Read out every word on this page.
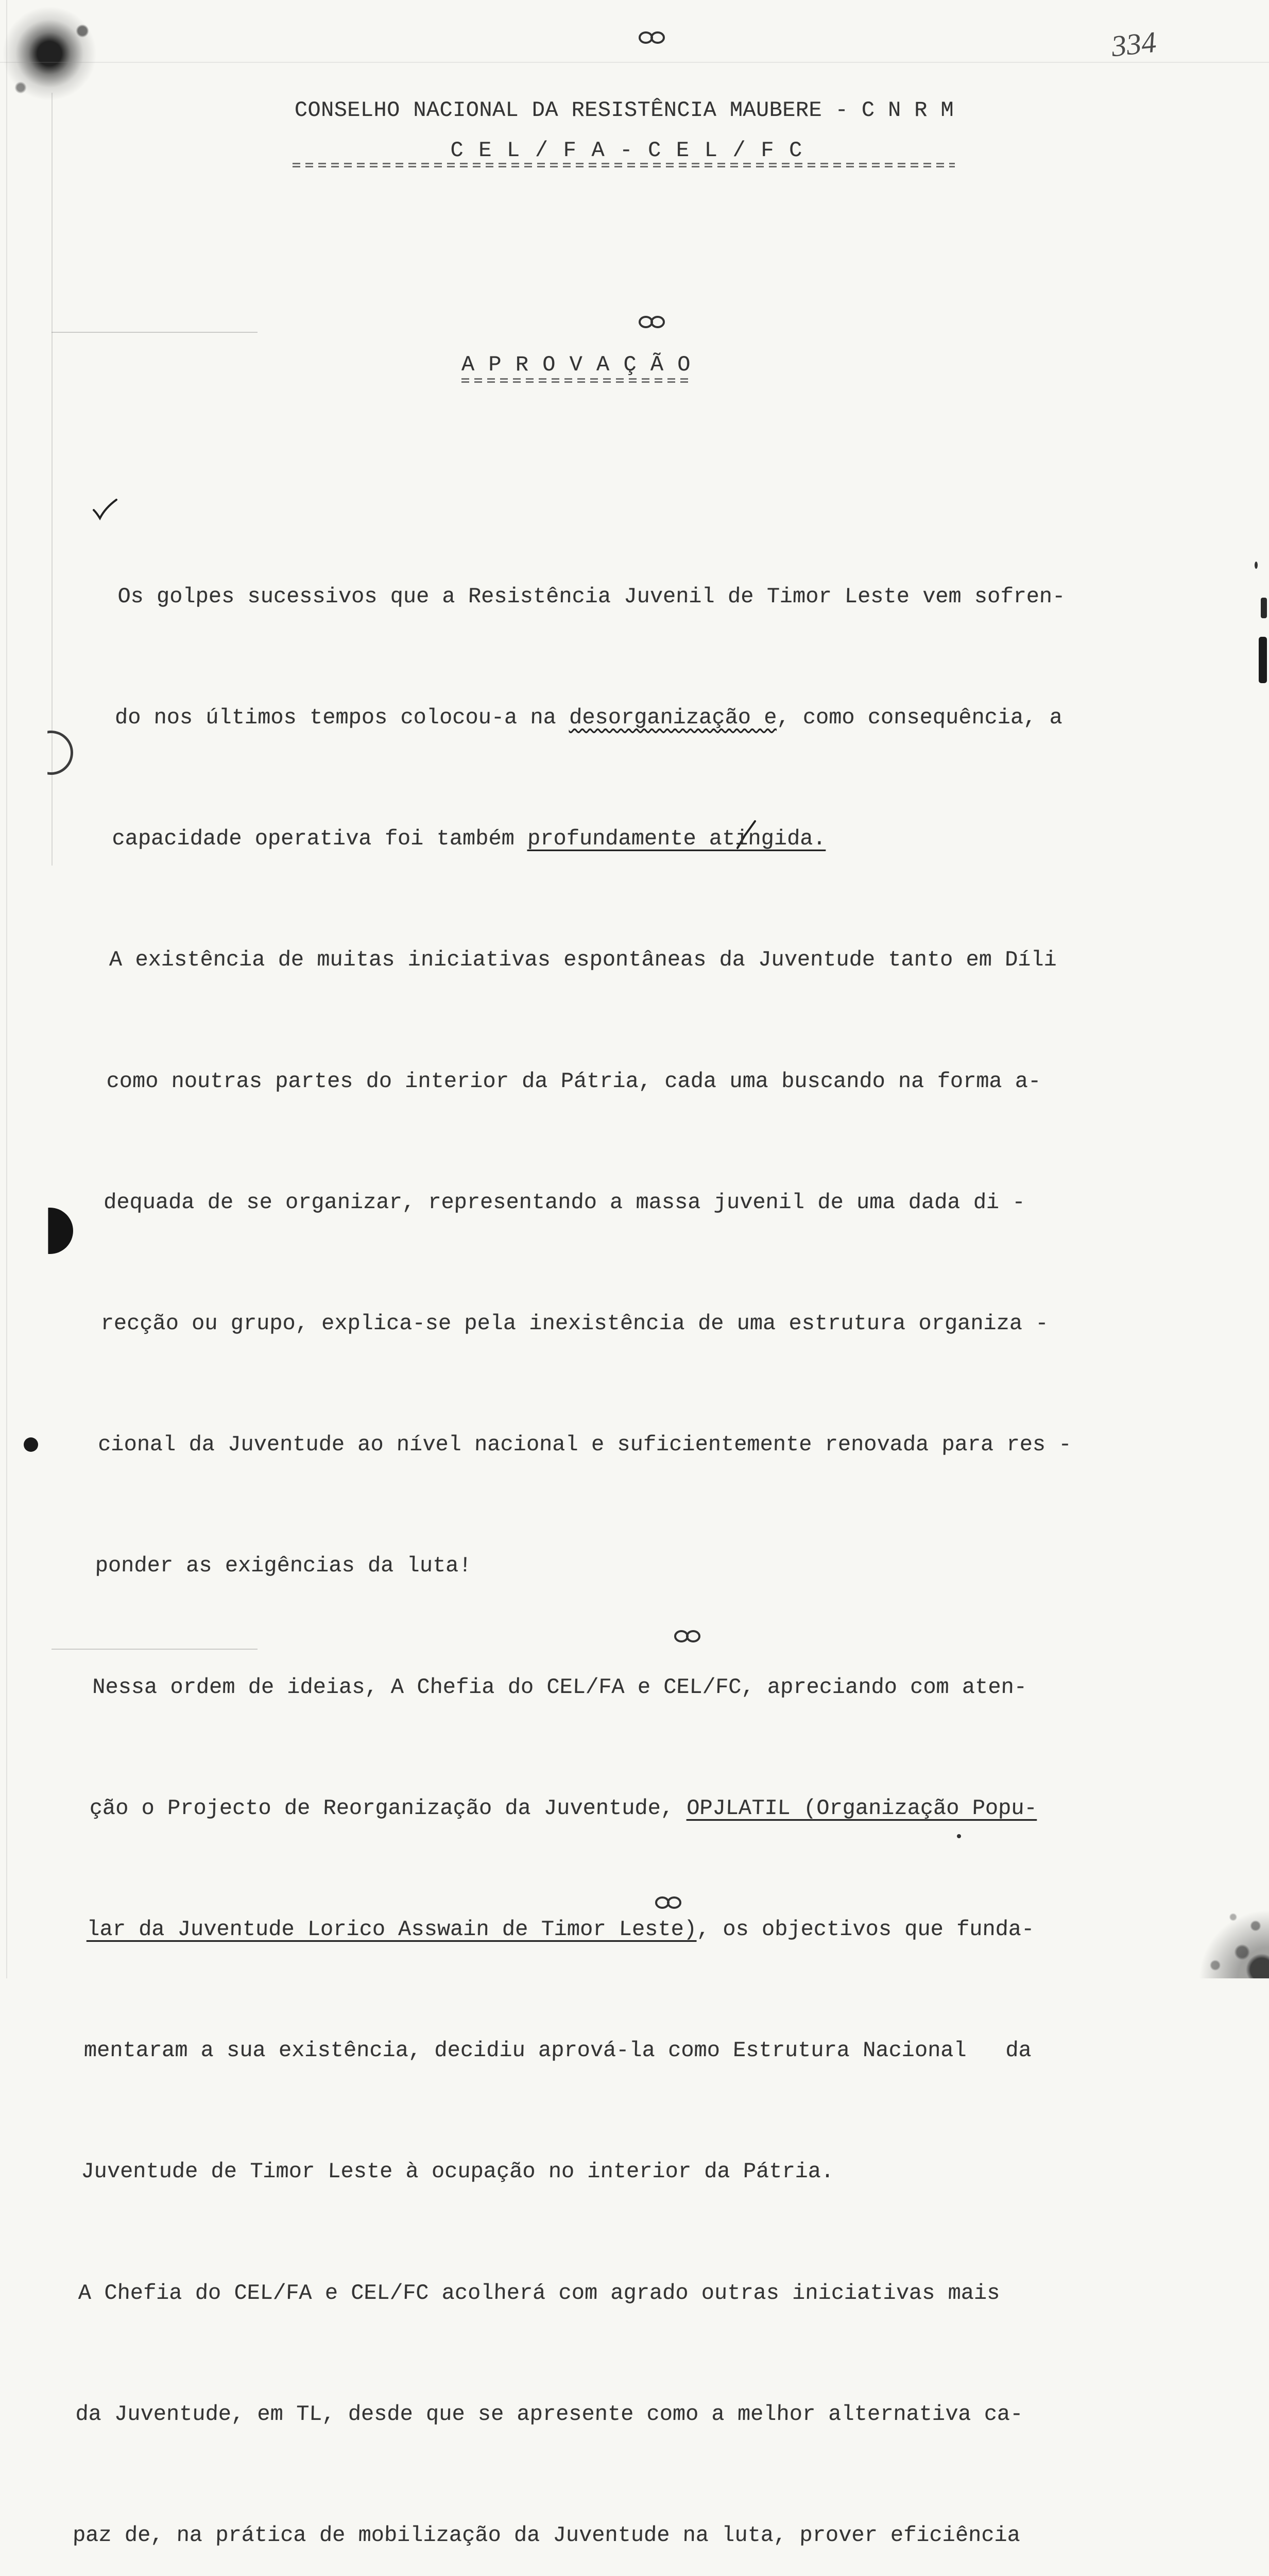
334
CONSELHO NACIONAL DA RESISTÊNCIA MAUBERE - C N R M
C E L / F A - C E L / F C
A P R O V A Ç Ã O

Os golpes sucessivos que a Resistência Juvenil de Timor Leste vem sofren-

do nos últimos tempos colocou-a na desorganização e, como consequência, a

capacidade operativa foi também profundamente atingida.

A existência de muitas iniciativas espontâneas da Juventude tanto em Díli

como noutras partes do interior da Pátria, cada uma buscando na forma a-

dequada de se organizar, representando a massa juvenil de uma dada di -

recção ou grupo, explica-se pela inexistência de uma estrutura organiza -

cional da Juventude ao nível nacional e suficientemente renovada para res -

ponder as exigências da luta!

Nessa ordem de ideias, A Chefia do CEL/FA e CEL/FC, apreciando com aten-

ção o Projecto de Reorganização da Juventude, OPJLATIL (Organização Popu-

lar da Juventude Lorico Asswain de Timor Leste), os objectivos que funda-

mentaram a sua existência, decidiu aprová-la como Estrutura Nacional   da

Juventude de Timor Leste à ocupação no interior da Pátria.

A Chefia do CEL/FA e CEL/FC acolherá com agrado outras iniciativas mais

da Juventude, em TL, desde que se apresente como a melhor alternativa ca-

paz de, na prática de mobilização da Juventude na luta, prover eficiência
